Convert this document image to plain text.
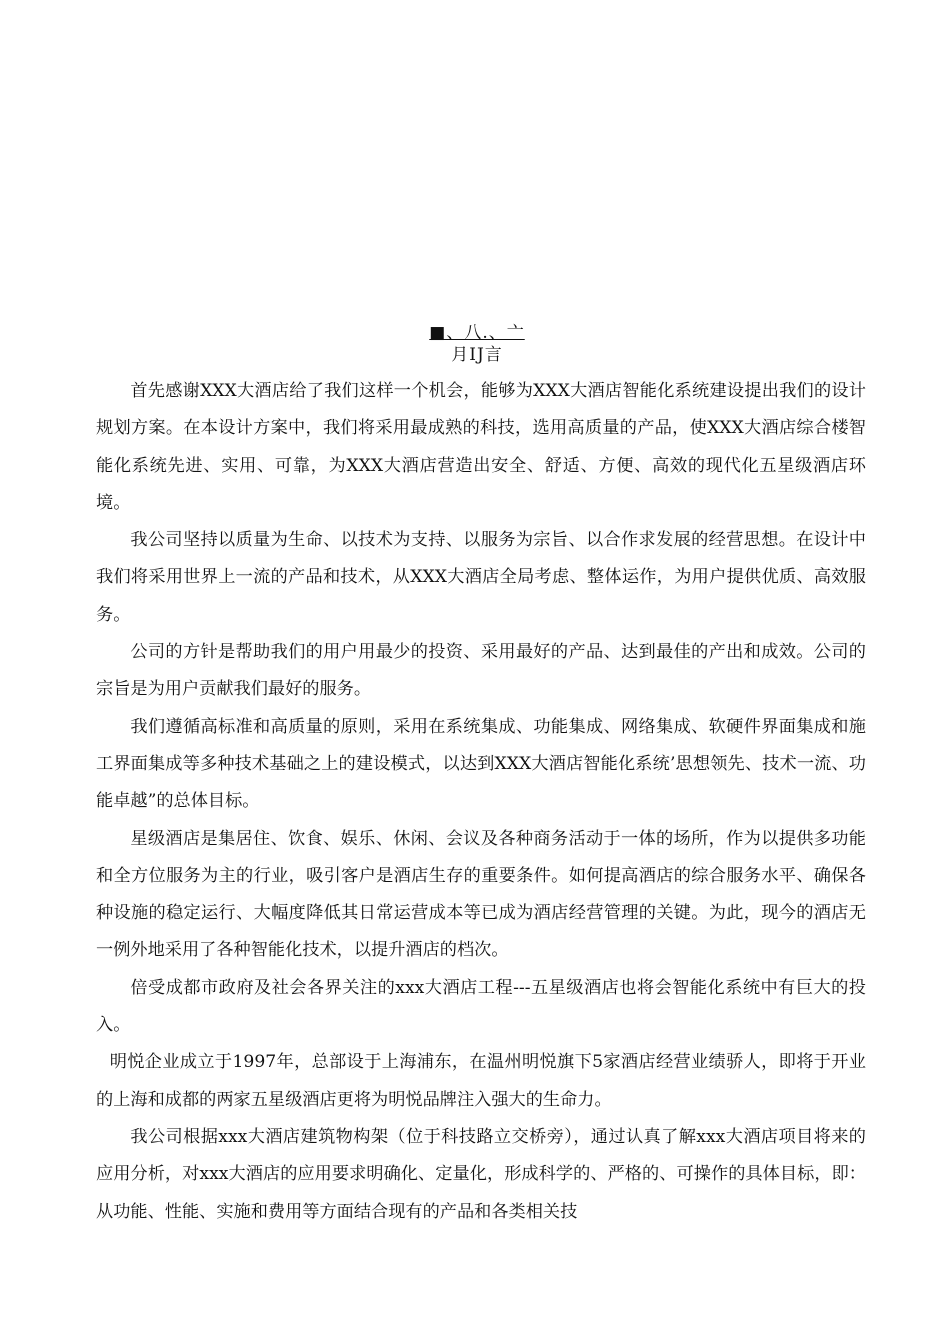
■、八.、亠
月IJ言

首先感谢XXX大酒店给了我们这样一个机会，能够为XXX大酒店智能化系统建设提出我们的设计规划方案。在本设计方案中，我们将采用最成熟的科技，选用高质量的产品，使XXX大酒店综合楼智能化系统先进、实用、可靠，为XXX大酒店营造出安全、舒适、方便、高效的现代化五星级酒店环境。

我公司坚持以质量为生命、以技术为支持、以服务为宗旨、以合作求发展的经营思想。在设计中我们将采用世界上一流的产品和技术，从XXX大酒店全局考虑、整体运作，为用户提供优质、高效服务。

公司的方针是帮助我们的用户用最少的投资、采用最好的产品、达到最佳的产出和成效。公司的宗旨是为用户贡献我们最好的服务。

我们遵循高标准和高质量的原则，采用在系统集成、功能集成、网络集成、软硬件界面集成和施工界面集成等多种技术基础之上的建设模式，以达到XXX大酒店智能化系统’思想领先、技术一流、功能卓越”的总体目标。

星级酒店是集居住、饮食、娱乐、休闲、会议及各种商务活动于一体的场所，作为以提供多功能和全方位服务为主的行业，吸引客户是酒店生存的重要条件。如何提高酒店的综合服务水平、确保各种设施的稳定运行、大幅度降低其日常运营成本等已成为酒店经营管理的关键。为此，现今的酒店无一例外地采用了各种智能化技术，以提升酒店的档次。

倍受成都市政府及社会各界关注的xxx大酒店工程---五星级酒店也将会智能化系统中有巨大的投入。

明悦企业成立于1997年，总部设于上海浦东，在温州明悦旗下5家酒店经营业绩骄人，即将于开业的上海和成都的两家五星级酒店更将为明悦品牌注入强大的生命力。

我公司根据xxx大酒店建筑物构架（位于科技路立交桥旁），通过认真了解xxx大酒店项目将来的应用分析，对xxx大酒店的应用要求明确化、定量化，形成科学的、严格的、可操作的具体目标，即：从功能、性能、实施和费用等方面结合现有的产品和各类相关技
